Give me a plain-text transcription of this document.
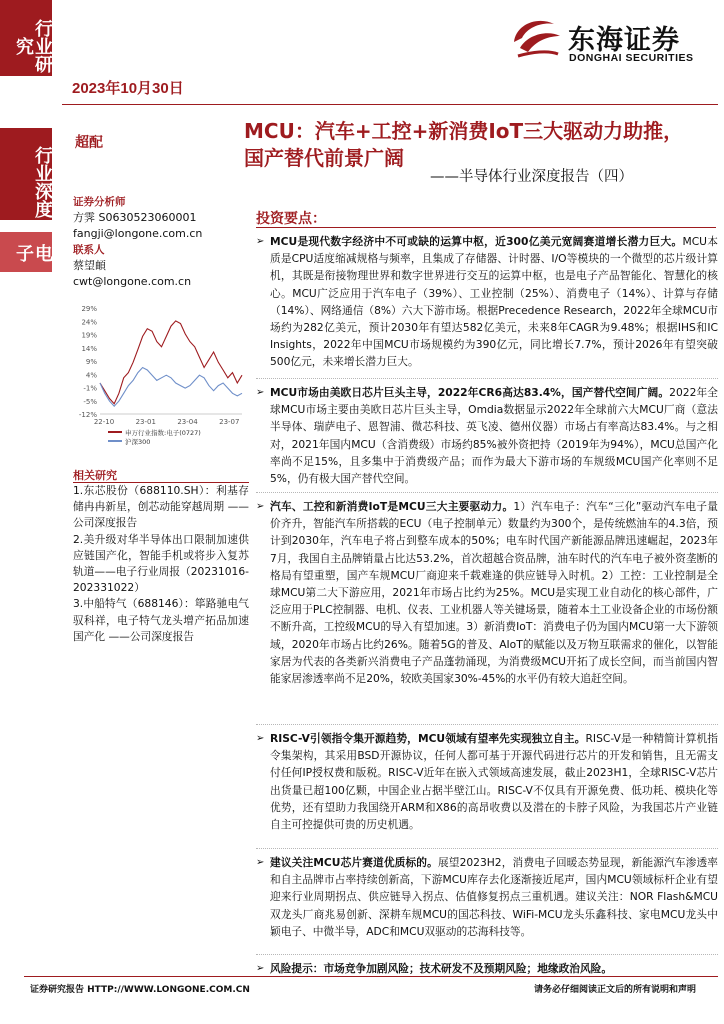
行业研究
行业深度
电子
东海证券
DONGHAI SECURITIES
2023年10月30日
超配	MCU：汽车+工控+新消费IoT三大驱动力助推，国产替代前景广阔
——半导体行业深度报告（四）
证券分析师
方霁 S0630523060001
fangji@longone.com.cn
联系人
蔡望頔
cwt@longone.com.cn
29%
24%
19%
14%
9%
4%
-1%
-5%
-12%
22-10	23-01	23-04	23-07
申万行业指数:电子(0727)
沪深300
相关研究
1.东芯股份（688110.SH）：利基存储冉冉新星，创芯动能穿越周期 ——公司深度报告
2.美升级对华半导体出口限制加速供应链国产化，智能手机或将步入复苏轨道——电子行业周报（20231016-202331022）
3.中船特气（688146）：筚路驰电气驭科祥，电子特气龙头增产拓品加速国产化 ——公司深度报告
投资要点：
➢ MCU是现代数字经济中不可或缺的运算中枢，近300亿美元宽阔赛道增长潜力巨大。MCU本质是CPU适度缩减规格与频率，且集成了存储器、计时器、I/O等模块的一个微型的芯片级计算机，其既是衔接物理世界和数字世界进行交互的运算中枢，也是电子产品智能化、智慧化的核心。MCU广泛应用于汽车电子（39%）、工业控制（25%）、消费电子（14%）、计算与存储（14%）、网络通信（8%）六大下游市场。根据Precedence Research，2022年全球MCU市场约为282亿美元，预计2030年有望达582亿美元，未来8年CAGR为9.48%；根据IHS和IC Insights，2022年中国MCU市场规模约为390亿元，同比增长7.7%，预计2026年有望突破500亿元，未来增长潜力巨大。
➢ MCU市场由美欧日芯片巨头主导，2022年CR6高达83.4%，国产替代空间广阔。2022年全球MCU市场主要由美欧日芯片巨头主导，Omdia数据显示2022年全球前六大MCU厂商（意法半导体、瑞萨电子、恩智浦、微芯科技、英飞凌、德州仪器）市场占有率高达83.4%。与之相对，2021年国内MCU（含消费级）市场约85%被外资把持（2019年为94%），MCU总国产化率尚不足15%，且多集中于消费级产品；而作为最大下游市场的车规级MCU国产化率则不足5%，仍有极大国产替代空间。
➢ 汽车、工控和新消费IoT是MCU三大主要驱动力。1）汽车电子：汽车“三化”驱动汽车电子量价齐升，智能汽车所搭载的ECU（电子控制单元）数量约为300个，是传统燃油车的4.3倍，预计到2030年，汽车电子将占到整车成本的50%；电车时代国产新能源品牌迅速崛起，2023年7月，我国自主品牌销量占比达53.2%，首次超越合资品牌，油车时代的汽车电子被外资垄断的格局有望重塑，国产车规MCU厂商迎来千载难逢的供应链导入时机。2）工控：工业控制是全球MCU第二大下游应用，2021年市场占比约为25%。MCU是实现工业自动化的核心部件，广泛应用于PLC控制器、电机、仪表、工业机器人等关键场景，随着本土工业设备企业的市场份额不断升高，工控级MCU的导入有望加速。3）新消费IoT：消费电子仍为国内MCU第一大下游领域，2020年市场占比约26%。随着5G的普及、AIoT的赋能以及万物互联需求的催化，以智能家居为代表的各类新兴消费电子产品蓬勃涌现，为消费级MCU开拓了成长空间，而当前国内智能家居渗透率尚不足20%，较欧美国家30%-45%的水平仍有较大追赶空间。
➢ RISC-V引领指令集开源趋势，MCU领域有望率先实现独立自主。RISC-V是一种精简计算机指令集架构，其采用BSD开源协议，任何人都可基于开源代码进行芯片的开发和销售，且无需支付任何IP授权费和版税。RISC-V近年在嵌入式领域高速发展，截止2023H1，全球RISC-V芯片出货量已超100亿颗，中国企业占据半壁江山。RISC-V不仅具有开源免费、低功耗、模块化等优势，还有望助力我国绕开ARM和X86的高昂收费以及潜在的卡脖子风险，为我国芯片产业链自主可控提供可贵的历史机遇。
➢ 建议关注MCU芯片赛道优质标的。展望2023H2，消费电子回暖态势显现，新能源汽车渗透率和自主品牌市占率持续创新高，下游MCU库存去化逐渐接近尾声，国内MCU领域标杆企业有望迎来行业周期拐点、供应链导入拐点、估值修复拐点三重机遇。建议关注：NOR Flash&MCU双龙头厂商兆易创新、深耕车规MCU的国芯科技、WiFi-MCU龙头乐鑫科技、家电MCU龙头中颖电子、中微半导，ADC和MCU双驱动的芯海科技等。
➢ 风险提示：市场竞争加剧风险；技术研发不及预期风险；地缘政治风险。
证券研究报告 HTTP://WWW.LONGONE.COM.CN	请务必仔细阅读正文后的所有说明和声明
